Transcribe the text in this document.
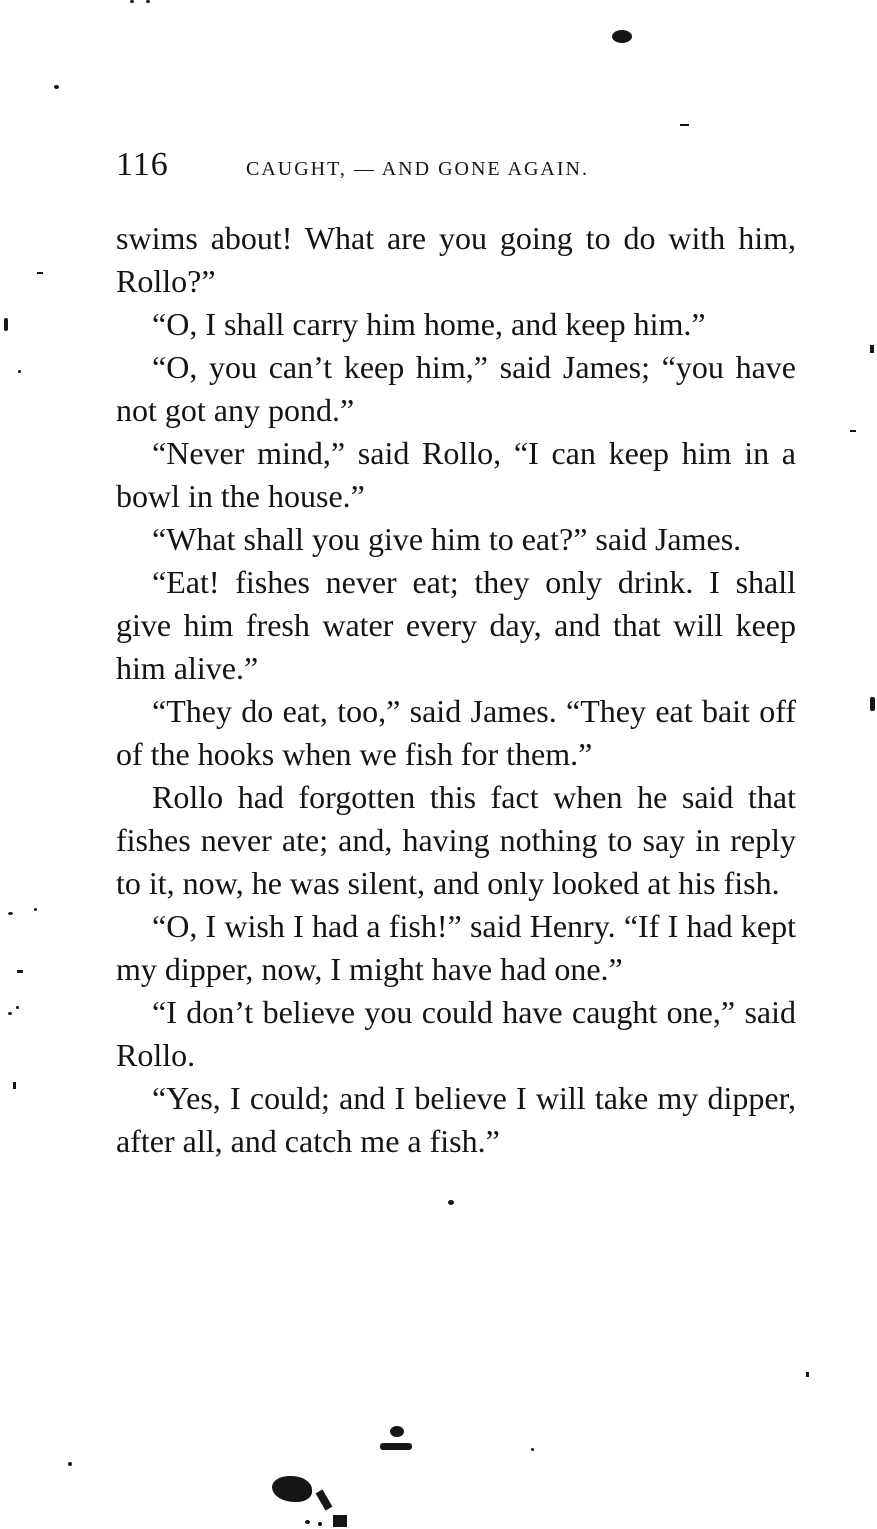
116	CAUGHT, — AND GONE AGAIN.

swims about! What are you going to do with him, Rollo?”

“O, I shall carry him home, and keep him.”

“O, you can’t keep him,” said James; “you have not got any pond.”

“Never mind,” said Rollo, “I can keep him in a bowl in the house.”

“What shall you give him to eat?” said James.

“Eat! fishes never eat; they only drink. I shall give him fresh water every day, and that will keep him alive.”

“They do eat, too,” said James. “They eat bait off of the hooks when we fish for them.”

Rollo had forgotten this fact when he said that fishes never ate; and, having nothing to say in reply to it, now, he was silent, and only looked at his fish.

“O, I wish I had a fish!” said Henry. “If I had kept my dipper, now, I might have had one.”

“I don’t believe you could have caught one,” said Rollo.

“Yes, I could; and I believe I will take my dipper, after all, and catch me a fish.”
